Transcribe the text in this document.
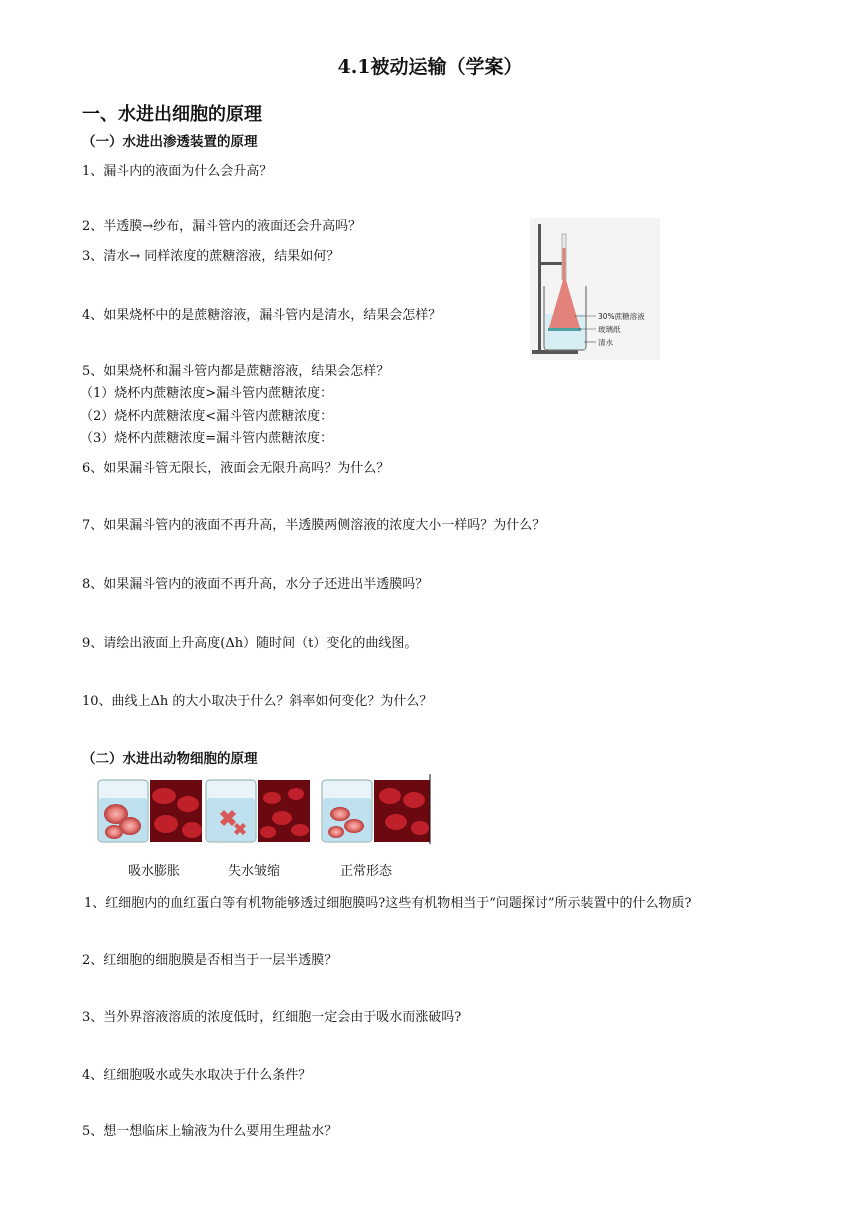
4.1被动运输（学案）
一、水进出细胞的原理
（一）水进出渗透装置的原理
1、漏斗内的液面为什么会升高？
2、半透膜→纱布，漏斗管内的液面还会升高吗？
3、清水→ 同样浓度的蔗糖溶液，结果如何？
4、如果烧杯中的是蔗糖溶液，漏斗管内是清水，结果会怎样？
5、如果烧杯和漏斗管内都是蔗糖溶液，结果会怎样？
（1）烧杯内蔗糖浓度>漏斗管内蔗糖浓度：
（2）烧杯内蔗糖浓度<漏斗管内蔗糖浓度：
（3）烧杯内蔗糖浓度=漏斗管内蔗糖浓度：
6、如果漏斗管无限长，液面会无限升高吗？为什么？
7、如果漏斗管内的液面不再升高，半透膜两侧溶液的浓度大小一样吗？为什么？
8、如果漏斗管内的液面不再升高，水分子还进出半透膜吗？
9、请绘出液面上升高度(Δh）随时间（t）变化的曲线图。
10、曲线上Δh 的大小取决于什么？斜率如何变化？为什么？
30%蔗糖溶液
玻璃纸
清水
（二）水进出动物细胞的原理
吸水膨胀	失水皱缩	正常形态
1、红细胞内的血红蛋白等有机物能够透过细胞膜吗?这些有机物相当于“问题探讨”所示装置中的什么物质?
2、红细胞的细胞膜是否相当于一层半透膜？
3、当外界溶液溶质的浓度低时，红细胞一定会由于吸水而涨破吗?
4、红细胞吸水或失水取决于什么条件？
5、想一想临床上输液为什么要用生理盐水？
